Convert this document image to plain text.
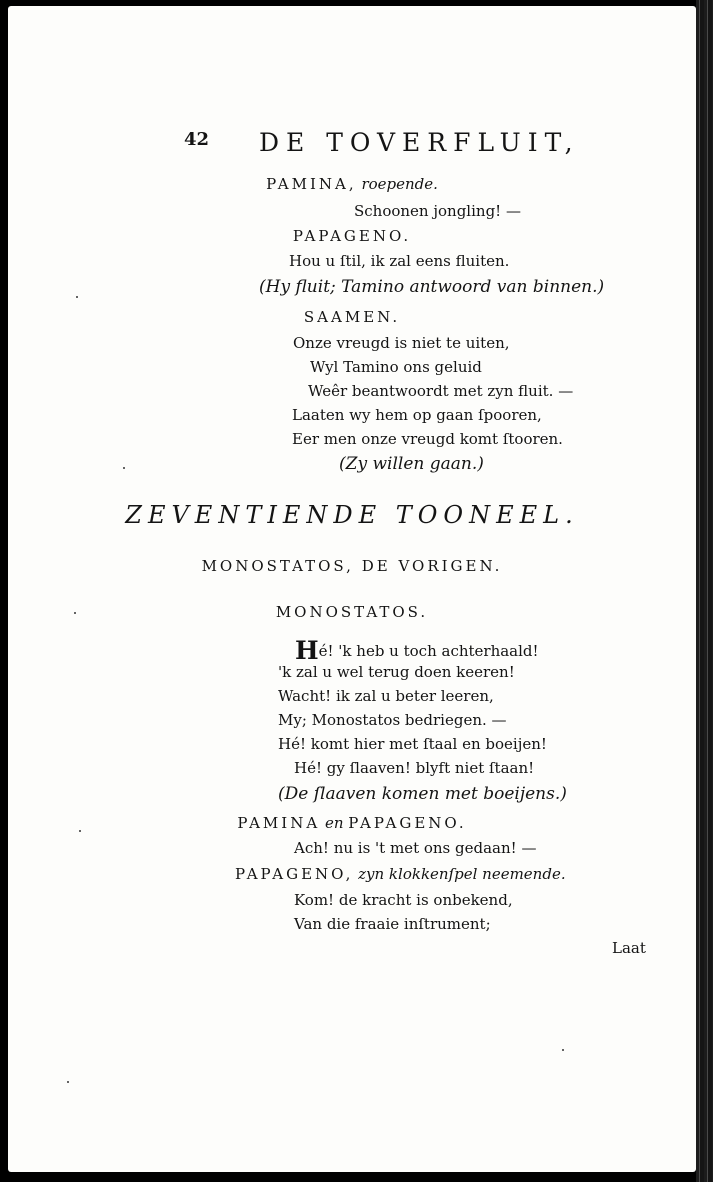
42 DE TOVERFLUIT,
PAMINA, roepende.
Schoonen jongling! —
PAPAGENO.
Hou u ſtil, ik zal eens fluiten.
(Hy fluit; Tamino antwoord van binnen.)
SAAMEN.
Onze vreugd is niet te uiten,
Wyl Tamino ons geluid
Weêr beantwoordt met zyn fluit. —
Laaten wy hem op gaan ſpooren,
Eer men onze vreugd komt ſtooren.
(Zy willen gaan.)
ZEVENTIENDE TOONEEL.
MONOSTATOS, DE VORIGEN.
MONOSTATOS.
Hé! 'k heb u toch achterhaald!
'k zal u wel terug doen keeren!
Wacht! ik zal u beter leeren,
My; Monostatos bedriegen. —
Hé! komt hier met ſtaal en boeijen!
Hé! gy ſlaaven! blyft niet ſtaan!
(De ſlaaven komen met boeijens.)
PAMINA en PAPAGENO.
Ach! nu is 't met ons gedaan! —
PAPAGENO, zyn klokkenſpel neemende.
Kom! de kracht is onbekend,
Van die fraaie inſtrument;
Laat
